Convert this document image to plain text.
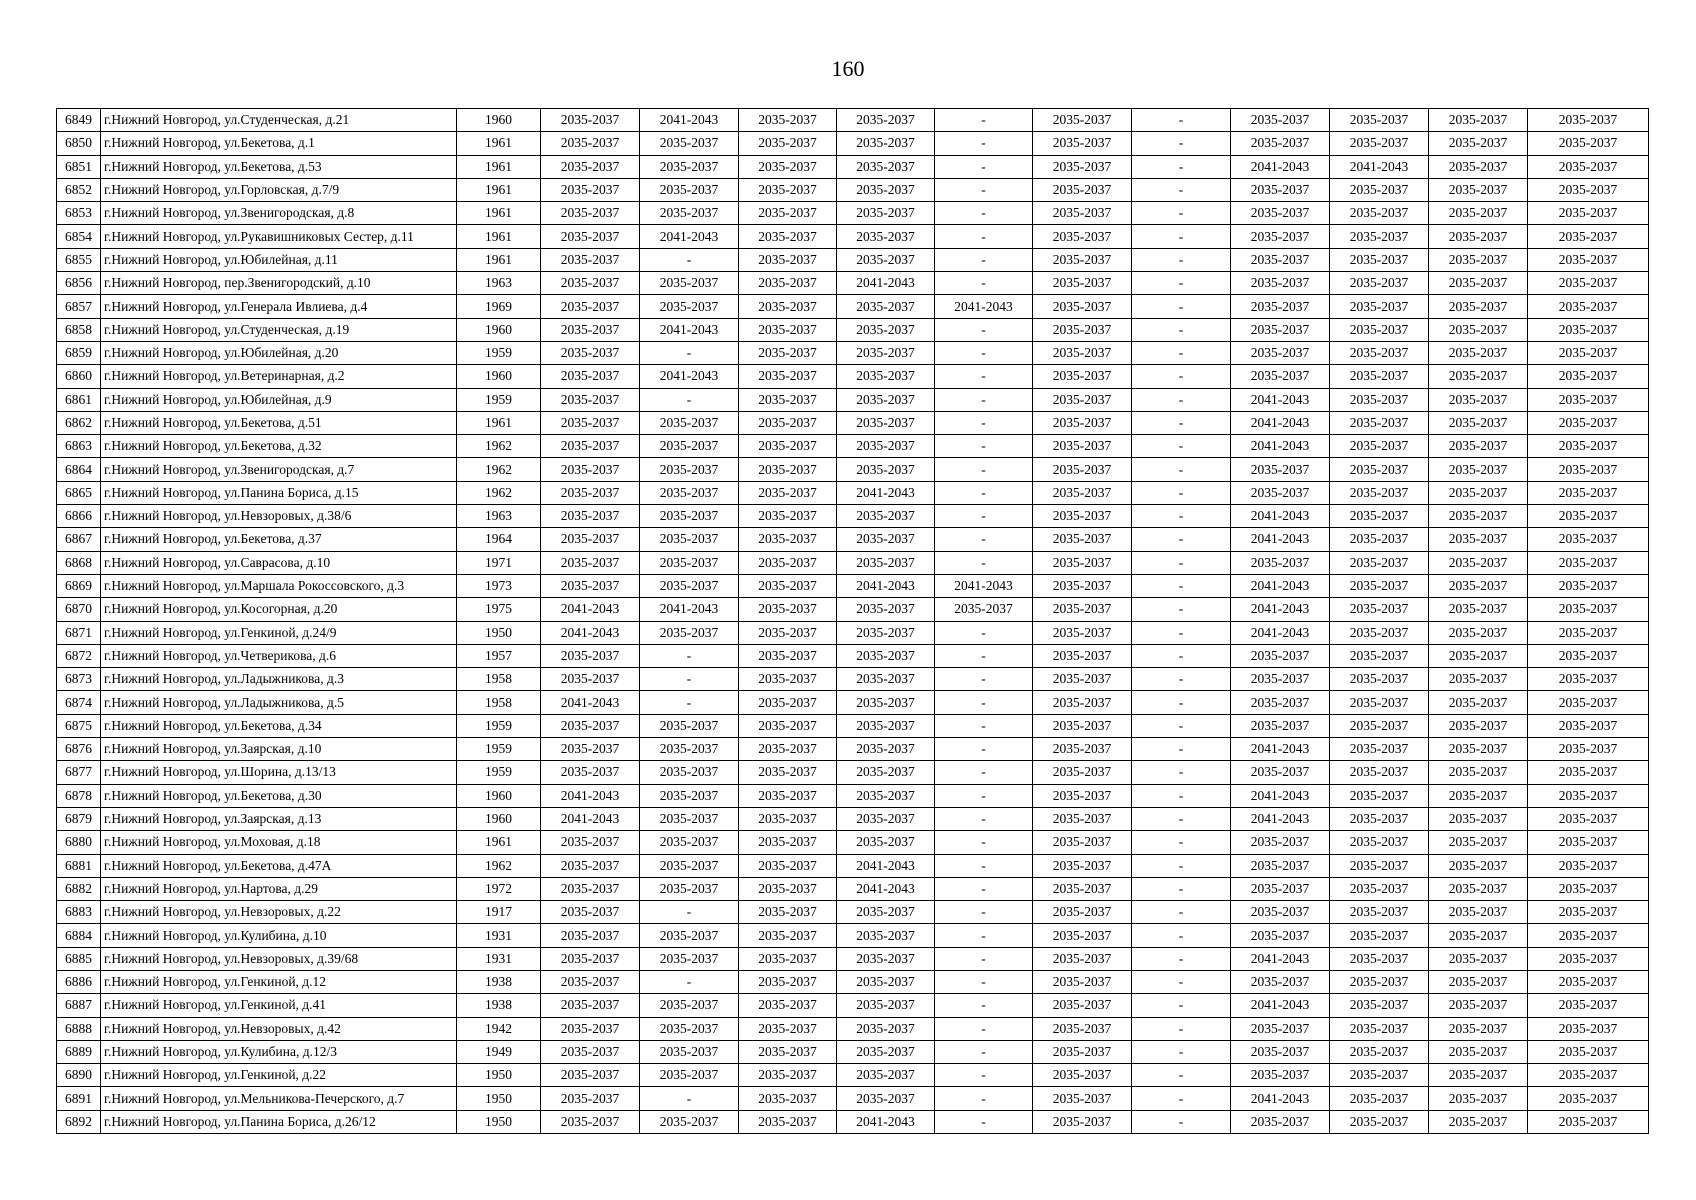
160
6849	г.Нижний Новгород, ул.Студенческая, д.21	1960	2035-2037	2041-2043	2035-2037	2035-2037	-	2035-2037	-	2035-2037	2035-2037	2035-2037	2035-2037
6850	г.Нижний Новгород, ул.Бекетова, д.1	1961	2035-2037	2035-2037	2035-2037	2035-2037	-	2035-2037	-	2035-2037	2035-2037	2035-2037	2035-2037
6851	г.Нижний Новгород, ул.Бекетова, д.53	1961	2035-2037	2035-2037	2035-2037	2035-2037	-	2035-2037	-	2041-2043	2041-2043	2035-2037	2035-2037
6852	г.Нижний Новгород, ул.Горловская, д.7/9	1961	2035-2037	2035-2037	2035-2037	2035-2037	-	2035-2037	-	2035-2037	2035-2037	2035-2037	2035-2037
6853	г.Нижний Новгород, ул.Звенигородская, д.8	1961	2035-2037	2035-2037	2035-2037	2035-2037	-	2035-2037	-	2035-2037	2035-2037	2035-2037	2035-2037
6854	г.Нижний Новгород, ул.Рукавишниковых Сестер, д.11	1961	2035-2037	2041-2043	2035-2037	2035-2037	-	2035-2037	-	2035-2037	2035-2037	2035-2037	2035-2037
6855	г.Нижний Новгород, ул.Юбилейная, д.11	1961	2035-2037	-	2035-2037	2035-2037	-	2035-2037	-	2035-2037	2035-2037	2035-2037	2035-2037
6856	г.Нижний Новгород, пер.Звенигородский, д.10	1963	2035-2037	2035-2037	2035-2037	2041-2043	-	2035-2037	-	2035-2037	2035-2037	2035-2037	2035-2037
6857	г.Нижний Новгород, ул.Генерала Ивлиева, д.4	1969	2035-2037	2035-2037	2035-2037	2035-2037	2041-2043	2035-2037	-	2035-2037	2035-2037	2035-2037	2035-2037
6858	г.Нижний Новгород, ул.Студенческая, д.19	1960	2035-2037	2041-2043	2035-2037	2035-2037	-	2035-2037	-	2035-2037	2035-2037	2035-2037	2035-2037
6859	г.Нижний Новгород, ул.Юбилейная, д.20	1959	2035-2037	-	2035-2037	2035-2037	-	2035-2037	-	2035-2037	2035-2037	2035-2037	2035-2037
6860	г.Нижний Новгород, ул.Ветеринарная, д.2	1960	2035-2037	2041-2043	2035-2037	2035-2037	-	2035-2037	-	2035-2037	2035-2037	2035-2037	2035-2037
6861	г.Нижний Новгород, ул.Юбилейная, д.9	1959	2035-2037	-	2035-2037	2035-2037	-	2035-2037	-	2041-2043	2035-2037	2035-2037	2035-2037
6862	г.Нижний Новгород, ул.Бекетова, д.51	1961	2035-2037	2035-2037	2035-2037	2035-2037	-	2035-2037	-	2041-2043	2035-2037	2035-2037	2035-2037
6863	г.Нижний Новгород, ул.Бекетова, д.32	1962	2035-2037	2035-2037	2035-2037	2035-2037	-	2035-2037	-	2041-2043	2035-2037	2035-2037	2035-2037
6864	г.Нижний Новгород, ул.Звенигородская, д.7	1962	2035-2037	2035-2037	2035-2037	2035-2037	-	2035-2037	-	2035-2037	2035-2037	2035-2037	2035-2037
6865	г.Нижний Новгород, ул.Панина Бориса, д.15	1962	2035-2037	2035-2037	2035-2037	2041-2043	-	2035-2037	-	2035-2037	2035-2037	2035-2037	2035-2037
6866	г.Нижний Новгород, ул.Невзоровых, д.38/6	1963	2035-2037	2035-2037	2035-2037	2035-2037	-	2035-2037	-	2041-2043	2035-2037	2035-2037	2035-2037
6867	г.Нижний Новгород, ул.Бекетова, д.37	1964	2035-2037	2035-2037	2035-2037	2035-2037	-	2035-2037	-	2041-2043	2035-2037	2035-2037	2035-2037
6868	г.Нижний Новгород, ул.Саврасова, д.10	1971	2035-2037	2035-2037	2035-2037	2035-2037	-	2035-2037	-	2035-2037	2035-2037	2035-2037	2035-2037
6869	г.Нижний Новгород, ул.Маршала Рокоссовского, д.3	1973	2035-2037	2035-2037	2035-2037	2041-2043	2041-2043	2035-2037	-	2041-2043	2035-2037	2035-2037	2035-2037
6870	г.Нижний Новгород, ул.Косогорная, д.20	1975	2041-2043	2041-2043	2035-2037	2035-2037	2035-2037	2035-2037	-	2041-2043	2035-2037	2035-2037	2035-2037
6871	г.Нижний Новгород, ул.Генкиной, д.24/9	1950	2041-2043	2035-2037	2035-2037	2035-2037	-	2035-2037	-	2041-2043	2035-2037	2035-2037	2035-2037
6872	г.Нижний Новгород, ул.Четверикова, д.6	1957	2035-2037	-	2035-2037	2035-2037	-	2035-2037	-	2035-2037	2035-2037	2035-2037	2035-2037
6873	г.Нижний Новгород, ул.Ладыжникова, д.3	1958	2035-2037	-	2035-2037	2035-2037	-	2035-2037	-	2035-2037	2035-2037	2035-2037	2035-2037
6874	г.Нижний Новгород, ул.Ладыжникова, д.5	1958	2041-2043	-	2035-2037	2035-2037	-	2035-2037	-	2035-2037	2035-2037	2035-2037	2035-2037
6875	г.Нижний Новгород, ул.Бекетова, д.34	1959	2035-2037	2035-2037	2035-2037	2035-2037	-	2035-2037	-	2035-2037	2035-2037	2035-2037	2035-2037
6876	г.Нижний Новгород, ул.Заярская, д.10	1959	2035-2037	2035-2037	2035-2037	2035-2037	-	2035-2037	-	2041-2043	2035-2037	2035-2037	2035-2037
6877	г.Нижний Новгород, ул.Шорина, д.13/13	1959	2035-2037	2035-2037	2035-2037	2035-2037	-	2035-2037	-	2035-2037	2035-2037	2035-2037	2035-2037
6878	г.Нижний Новгород, ул.Бекетова, д.30	1960	2041-2043	2035-2037	2035-2037	2035-2037	-	2035-2037	-	2041-2043	2035-2037	2035-2037	2035-2037
6879	г.Нижний Новгород, ул.Заярская, д.13	1960	2041-2043	2035-2037	2035-2037	2035-2037	-	2035-2037	-	2041-2043	2035-2037	2035-2037	2035-2037
6880	г.Нижний Новгород, ул.Моховая, д.18	1961	2035-2037	2035-2037	2035-2037	2035-2037	-	2035-2037	-	2035-2037	2035-2037	2035-2037	2035-2037
6881	г.Нижний Новгород, ул.Бекетова, д.47А	1962	2035-2037	2035-2037	2035-2037	2041-2043	-	2035-2037	-	2035-2037	2035-2037	2035-2037	2035-2037
6882	г.Нижний Новгород, ул.Нартова, д.29	1972	2035-2037	2035-2037	2035-2037	2041-2043	-	2035-2037	-	2035-2037	2035-2037	2035-2037	2035-2037
6883	г.Нижний Новгород, ул.Невзоровых, д.22	1917	2035-2037	-	2035-2037	2035-2037	-	2035-2037	-	2035-2037	2035-2037	2035-2037	2035-2037
6884	г.Нижний Новгород, ул.Кулибина, д.10	1931	2035-2037	2035-2037	2035-2037	2035-2037	-	2035-2037	-	2035-2037	2035-2037	2035-2037	2035-2037
6885	г.Нижний Новгород, ул.Невзоровых, д.39/68	1931	2035-2037	2035-2037	2035-2037	2035-2037	-	2035-2037	-	2041-2043	2035-2037	2035-2037	2035-2037
6886	г.Нижний Новгород, ул.Генкиной, д.12	1938	2035-2037	-	2035-2037	2035-2037	-	2035-2037	-	2035-2037	2035-2037	2035-2037	2035-2037
6887	г.Нижний Новгород, ул.Генкиной, д.41	1938	2035-2037	2035-2037	2035-2037	2035-2037	-	2035-2037	-	2041-2043	2035-2037	2035-2037	2035-2037
6888	г.Нижний Новгород, ул.Невзоровых, д.42	1942	2035-2037	2035-2037	2035-2037	2035-2037	-	2035-2037	-	2035-2037	2035-2037	2035-2037	2035-2037
6889	г.Нижний Новгород, ул.Кулибина, д.12/3	1949	2035-2037	2035-2037	2035-2037	2035-2037	-	2035-2037	-	2035-2037	2035-2037	2035-2037	2035-2037
6890	г.Нижний Новгород, ул.Генкиной, д.22	1950	2035-2037	2035-2037	2035-2037	2035-2037	-	2035-2037	-	2035-2037	2035-2037	2035-2037	2035-2037
6891	г.Нижний Новгород, ул.Мельникова-Печерского, д.7	1950	2035-2037	-	2035-2037	2035-2037	-	2035-2037	-	2041-2043	2035-2037	2035-2037	2035-2037
6892	г.Нижний Новгород, ул.Панина Бориса, д.26/12	1950	2035-2037	2035-2037	2035-2037	2041-2043	-	2035-2037	-	2035-2037	2035-2037	2035-2037	2035-2037
